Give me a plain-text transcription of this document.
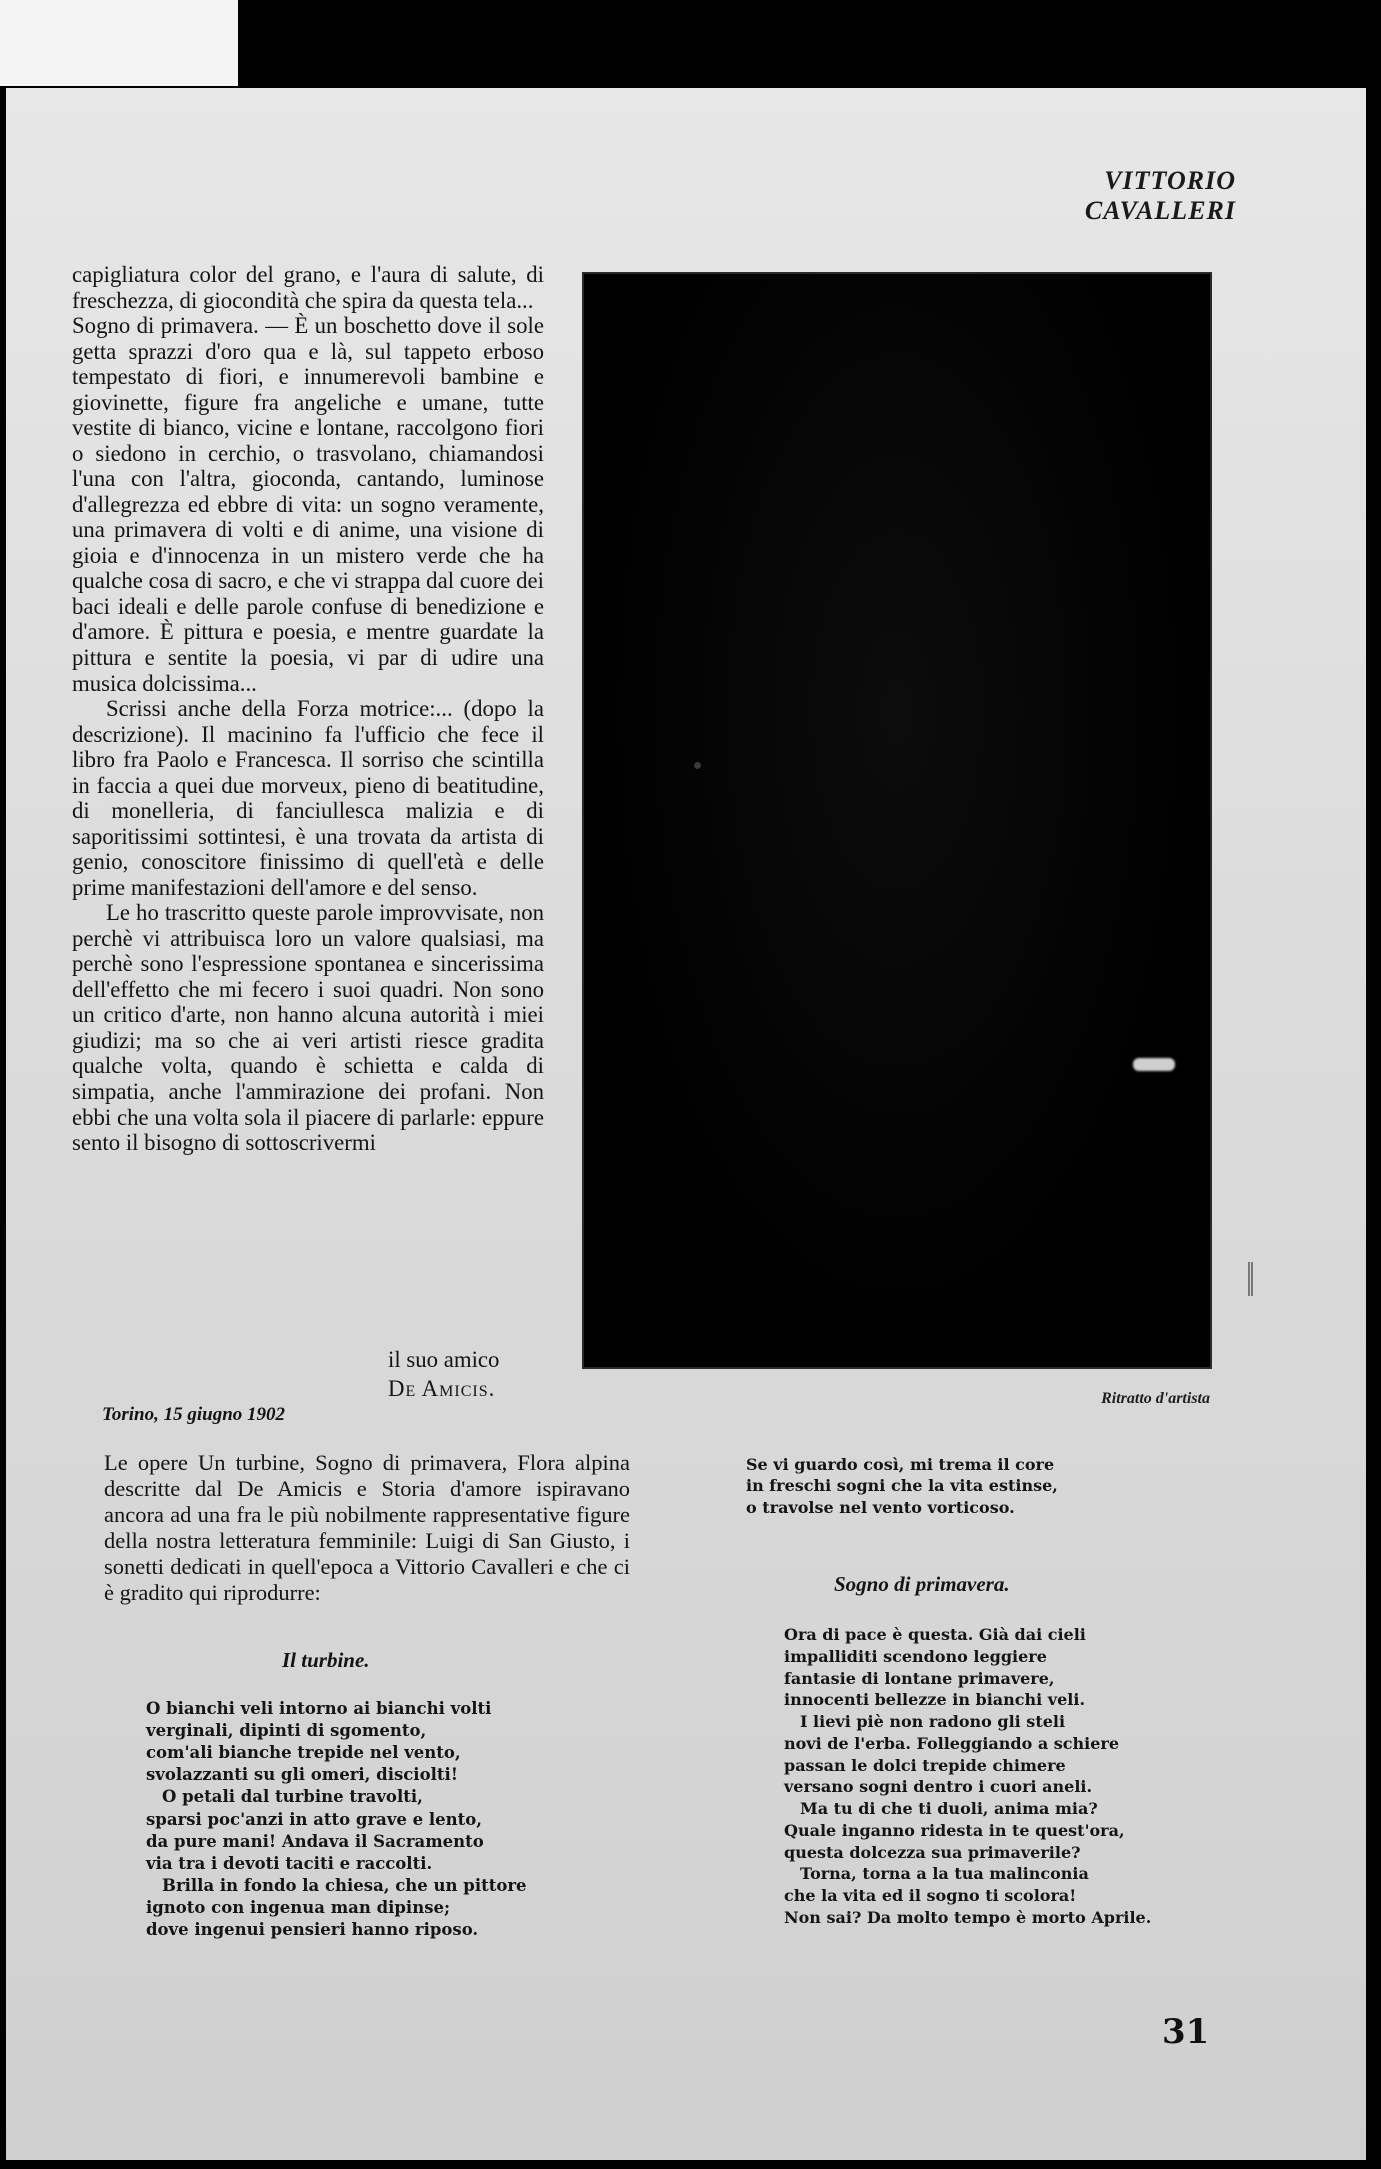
VITTORIO CAVALLERI

capigliatura color del grano, e l'aura di salute, di freschezza, di giocondità che spira da questa tela...

Sogno di primavera. — È un boschetto dove il sole getta sprazzi d'oro qua e là, sul tappeto erboso tempestato di fiori, e innumerevoli bambine e giovinette, figure fra angeliche e umane, tutte vestite di bianco, vicine e lontane, raccolgono fiori o siedono in cerchio, o trasvolano, chiamandosi l'una con l'altra, gioconda, cantando, luminose d'allegrezza ed ebbre di vita: un sogno veramente, una primavera di volti e di anime, una visione di gioia e d'innocenza in un mistero verde che ha qualche cosa di sacro, e che vi strappa dal cuore dei baci ideali e delle parole confuse di benedizione e d'amore. È pittura e poesia, e mentre guardate la pittura e sentite la poesia, vi par di udire una musica dolcissima...

Scrissi anche della Forza motrice:... (dopo la descrizione). Il macinino fa l'ufficio che fece il libro fra Paolo e Francesca. Il sorriso che scintilla in faccia a quei due morveux, pieno di beatitudine, di monelleria, di fanciullesca malizia e di saporitissimi sottintesi, è una trovata da artista di genio, conoscitore finissimo di quell'età e delle prime manifestazioni dell'amore e del senso.

Le ho trascritto queste parole improvvisate, non perchè vi attribuisca loro un valore qualsiasi, ma perchè sono l'espressione spontanea e sincerissima dell'effetto che mi fecero i suoi quadri. Non sono un critico d'arte, non hanno alcuna autorità i miei giudizi; ma so che ai veri artisti riesce gradita qualche volta, quando è schietta e calda di simpatia, anche l'ammirazione dei profani. Non ebbi che una volta sola il piacere di parlarle: eppure sento il bisogno di sottoscrivermi

il suo amico
De Amicis.
Torino, 15 giugno 1902
Ritratto d'artista
Le opere Un turbine, Sogno di primavera, Flora alpina descritte dal De Amicis e Storia d'amore ispiravano ancora ad una fra le più nobilmente rappresentative figure della nostra letteratura femminile: Luigi di San Giusto, i sonetti dedicati in quell'epoca a Vittorio Cavalleri e che ci è gradito qui riprodurre:
Il turbine.
O bianchi veli intorno ai bianchi volti
verginali, dipinti di sgomento,
com'ali bianche trepide nel vento,
svolazzanti su gli omeri, disciolti!
O petali dal turbine travolti,
sparsi poc'anzi in atto grave e lento,
da pure mani! Andava il Sacramento
via tra i devoti taciti e raccolti.
Brilla in fondo la chiesa, che un pittore
ignoto con ingenua man dipinse;
dove ingenui pensieri hanno riposo.
Se vi guardo così, mi trema il core
in freschi sogni che la vita estinse,
o travolse nel vento vorticoso.
Sogno di primavera.
Ora di pace è questa. Già dai cieli
impalliditi scendono leggiere
fantasie di lontane primavere,
innocenti bellezze in bianchi veli.
I lievi piè non radono gli steli
novi de l'erba. Folleggiando a schiere
passan le dolci trepide chimere
versano sogni dentro i cuori aneli.
Ma tu di che ti duoli, anima mia?
Quale inganno ridesta in te quest'ora,
questa dolcezza sua primaverile?
Torna, torna a la tua malinconia
che la vita ed il sogno ti scolora!
Non sai? Da molto tempo è morto Aprile.
31
